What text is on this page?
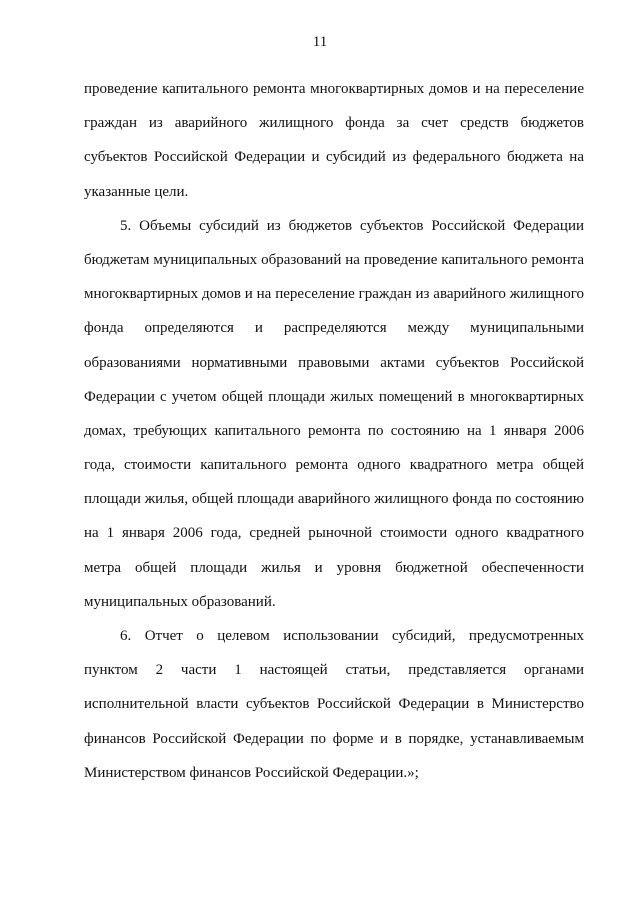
11
проведение капитального ремонта многоквартирных домов и на переселение
граждан из аварийного жилищного фонда за счет средств бюджетов
субъектов Российской Федерации и субсидий из федерального бюджета на
указанные цели.
5. Объемы субсидий из бюджетов субъектов Российской Федерации
бюджетам муниципальных образований на проведение капитального ремонта
многоквартирных домов и на переселение граждан из аварийного жилищного
фонда определяются и распределяются между муниципальными
образованиями нормативными правовыми актами субъектов Российской
Федерации с учетом общей площади жилых помещений в многоквартирных
домах, требующих капитального ремонта по состоянию на 1 января 2006
года, стоимости капитального ремонта одного квадратного метра общей
площади жилья, общей площади аварийного жилищного фонда по состоянию
на 1 января 2006 года, средней рыночной стоимости одного квадратного
метра общей площади жилья и уровня бюджетной обеспеченности
муниципальных образований.
6. Отчет о целевом использовании субсидий, предусмотренных
пунктом 2 части 1 настоящей статьи, представляется органами
исполнительной власти субъектов Российской Федерации в Министерство
финансов Российской Федерации по форме и в порядке, устанавливаемым
Министерством финансов Российской Федерации.»;
